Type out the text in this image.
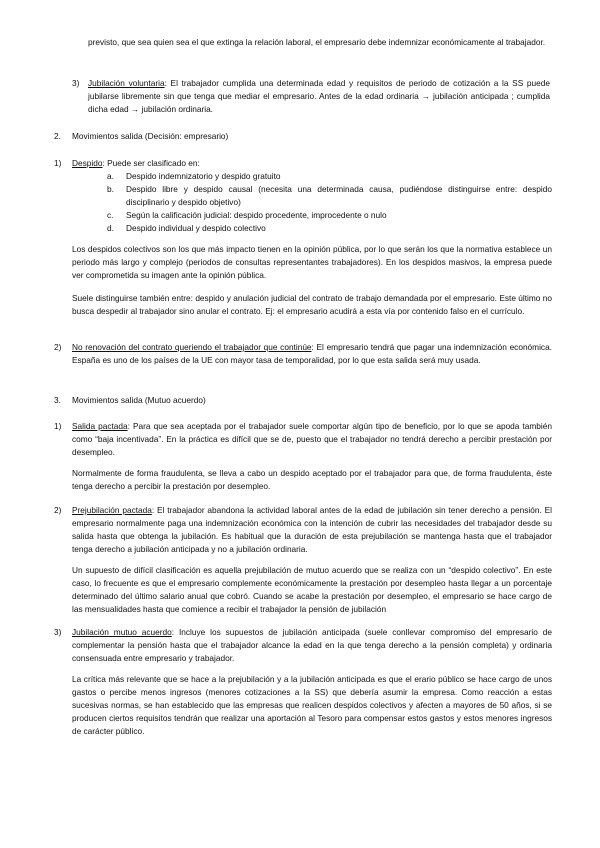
previsto, que sea quien sea el que extinga la relación laboral, el empresario debe indemnizar económicamente al trabajador.

3) Jubilación voluntaria: El trabajador cumplida una determinada edad y requisitos de periodo de cotización a la SS puede jubilarse libremente sin que tenga que mediar el empresario. Antes de la edad ordinaria → jubilación anticipada ; cumplida dicha edad → jubilación ordinaria.

2. Movimientos salida (Decisión: empresario)
1) Despido: Puede ser clasificado en:

a. Despido indemnizatorio y despido gratuito

b. Despido libre y despido causal (necesita una determinada causa, pudiéndose distinguirse entre: despido disciplinario y despido objetivo)

c. Según la calificación judicial: despido procedente, improcedente o nulo

d. Despido individual y despido colectivo

Los despidos colectivos son los que más impacto tienen en la opinión pública, por lo que serán los que la normativa establece un periodo más largo y complejo (periodos de consultas representantes trabajadores). En los despidos masivos, la empresa puede ver comprometida su imagen ante la opinión pública.

Suele distinguirse también entre: despido y anulación judicial del contrato de trabajo demandada por el empresario. Este último no busca despedir al trabajador sino anular el contrato. Ej: el empresario acudirá a esta vía por contenido falso en el currículo.

2) No renovación del contrato queriendo el trabajador que continúe: El empresario tendrá que pagar una indemnización económica. España es uno de los países de la UE con mayor tasa de temporalidad, por lo que esta salida será muy usada.

3. Movimientos salida (Mutuo acuerdo)
1) Salida pactada: Para que sea aceptada por el trabajador suele comportar algún tipo de beneficio, por lo que se apoda también como “baja incentivada”. En la práctica es difícil que se de, puesto que el trabajador no tendrá derecho a percibir prestación por desempleo.

Normalmente de forma fraudulenta, se lleva a cabo un despido aceptado por el trabajador para que, de forma fraudulenta, éste tenga derecho a percibir la prestación por desempleo.

2) Prejubilación pactada: El trabajador abandona la actividad laboral antes de la edad de jubilación sin tener derecho a pensión. El empresario normalmente paga una indemnización económica con la intención de cubrir las necesidades del trabajador desde su salida hasta que obtenga la jubilación. Es habitual que la duración de esta prejubilación se mantenga hasta que el trabajador tenga derecho a jubilación anticipada y no a jubilación ordinaria.

Un supuesto de difícil clasificación es aquella prejubilación de mutuo acuerdo que se realiza con un “despido colectivo”. En este caso, lo frecuente es que el empresario complemente económicamente la prestación por desempleo hasta llegar a un porcentaje determinado del último salario anual que cobró. Cuando se acabe la prestación por desempleo, el empresario se hace cargo de las mensualidades hasta que comience a recibir el trabajador la pensión de jubilación

3) Jubilación mutuo acuerdo: Incluye los supuestos de jubilación anticipada (suele conllevar compromiso del empresario de complementar la pensión hasta que el trabajador alcance la edad en la que tenga derecho a la pensión completa) y ordinaria consensuada entre empresario y trabajador.

La crítica más relevante que se hace a la prejubilación y a la jubilación anticipada es que el erario público se hace cargo de unos gastos o percibe menos ingresos (menores cotizaciones a la SS) que debería asumir la empresa. Como reacción a estas sucesivas normas, se han establecido que las empresas que realicen despidos colectivos y afecten a mayores de 50 años, si se producen ciertos requisitos tendrán que realizar una aportación al Tesoro para compensar estos gastos y estos menores ingresos de carácter público.
